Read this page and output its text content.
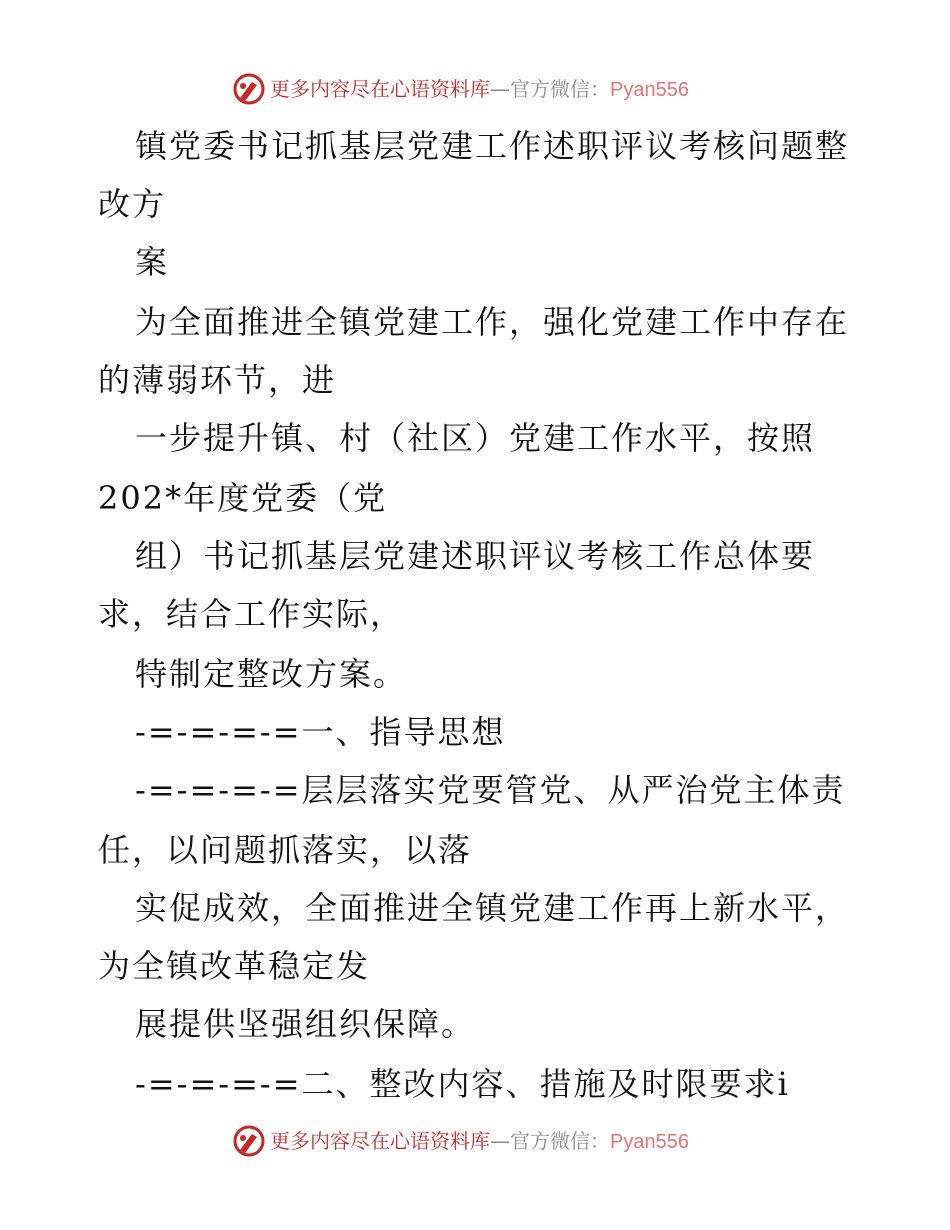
更多内容尽在心语资料库—官方微信：Pyan556
镇党委书记抓基层党建工作述职评议考核问题整
改方
案
为全面推进全镇党建工作，强化党建工作中存在
的薄弱环节，进
一步提升镇、村（社区）党建工作水平，按照
202*年度党委（党
组）书记抓基层党建述职评议考核工作总体要
求，结合工作实际，
特制定整改方案。
-=-=-=-=一、指导思想
-=-=-=-=层层落实党要管党、从严治党主体责
任，以问题抓落实，以落
实促成效，全面推进全镇党建工作再上新水平，
为全镇改革稳定发
展提供坚强组织保障。
-=-=-=-=二、整改内容、措施及时限要求i
更多内容尽在心语资料库—官方微信：Pyan556
